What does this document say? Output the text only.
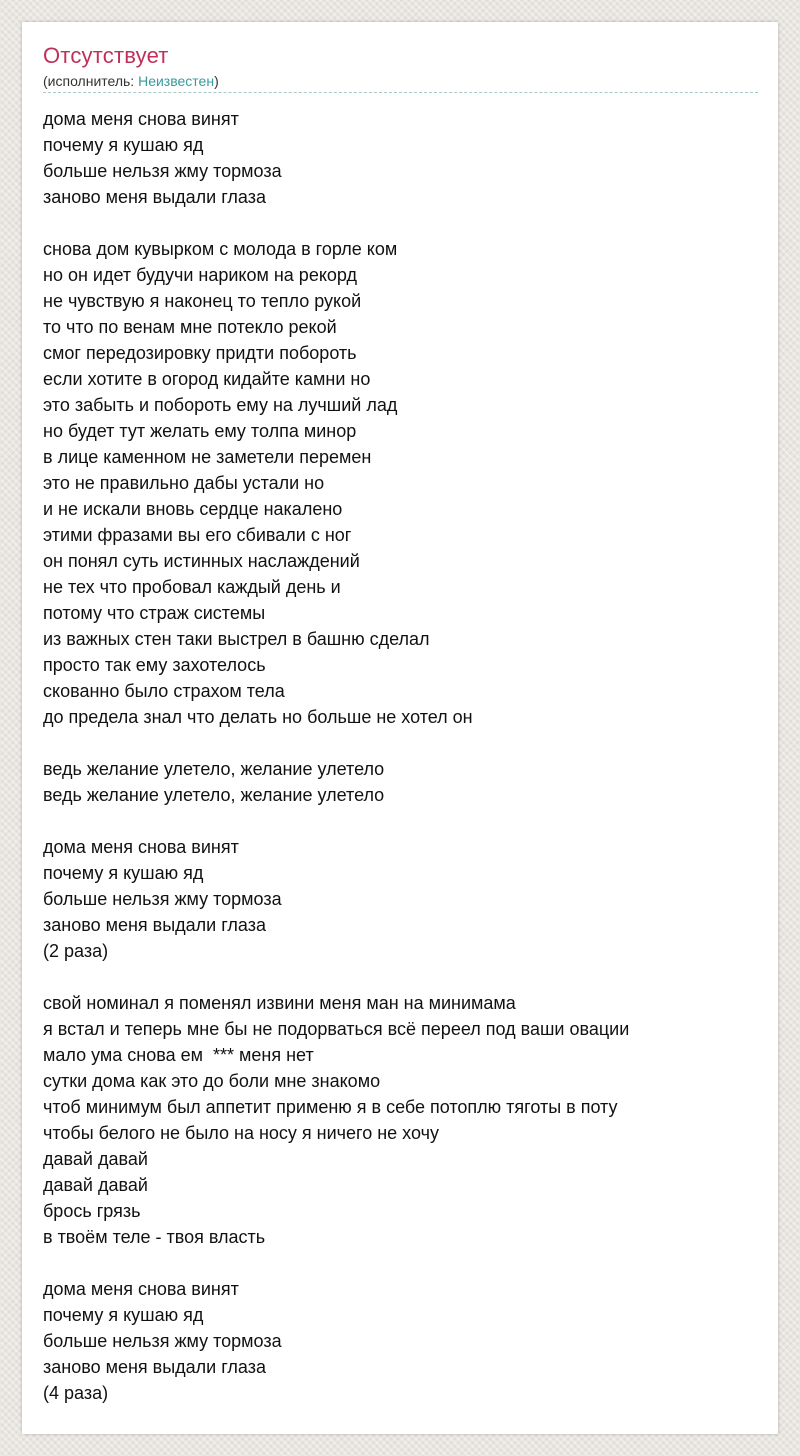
Отсутствует
(исполнитель: Неизвестен)
дома меня снова винят
почему я кушаю яд
больше нельзя жму тормоза
заново меня выдали глаза
снова дом кувырком с молода в горле ком
но он идет будучи нариком на рекорд
не чувствую я наконец то тепло рукой
то что по венам мне потекло рекой
смог передозировку придти побороть
если хотите в огород кидайте камни но
это забыть и побороть ему на лучший лад
но будет тут желать ему толпа минор
в лице каменном не заметели перемен
это не правильно дабы устали но
и не искали вновь сердце накалено
этими фразами вы его сбивали с ног
он понял суть истинных наслаждений
не тех что пробовал каждый день и
потому что страж системы
из важных стен таки выстрел в башню сделал
просто так ему захотелось
скованно было страхом тела
до предела знал что делать но больше не хотел он
ведь желание улетело, желание улетело
ведь желание улетело, желание улетело
дома меня снова винят
почему я кушаю яд
больше нельзя жму тормоза
заново меня выдали глаза
(2 раза)
свой номинал я поменял извини меня ман на минимама
я встал и теперь мне бы не подорваться всё переел под ваши овации
мало ума снова ем  *** меня нет
сутки дома как это до боли мне знакомо
чтоб минимум был аппетит применю я в себе потоплю тяготы в поту
чтобы белого не было на носу я ничего не хочу
давай давай
давай давай
брось грязь
в твоём теле - твоя власть
дома меня снова винят
почему я кушаю яд
больше нельзя жму тормоза
заново меня выдали глаза
(4 раза)
